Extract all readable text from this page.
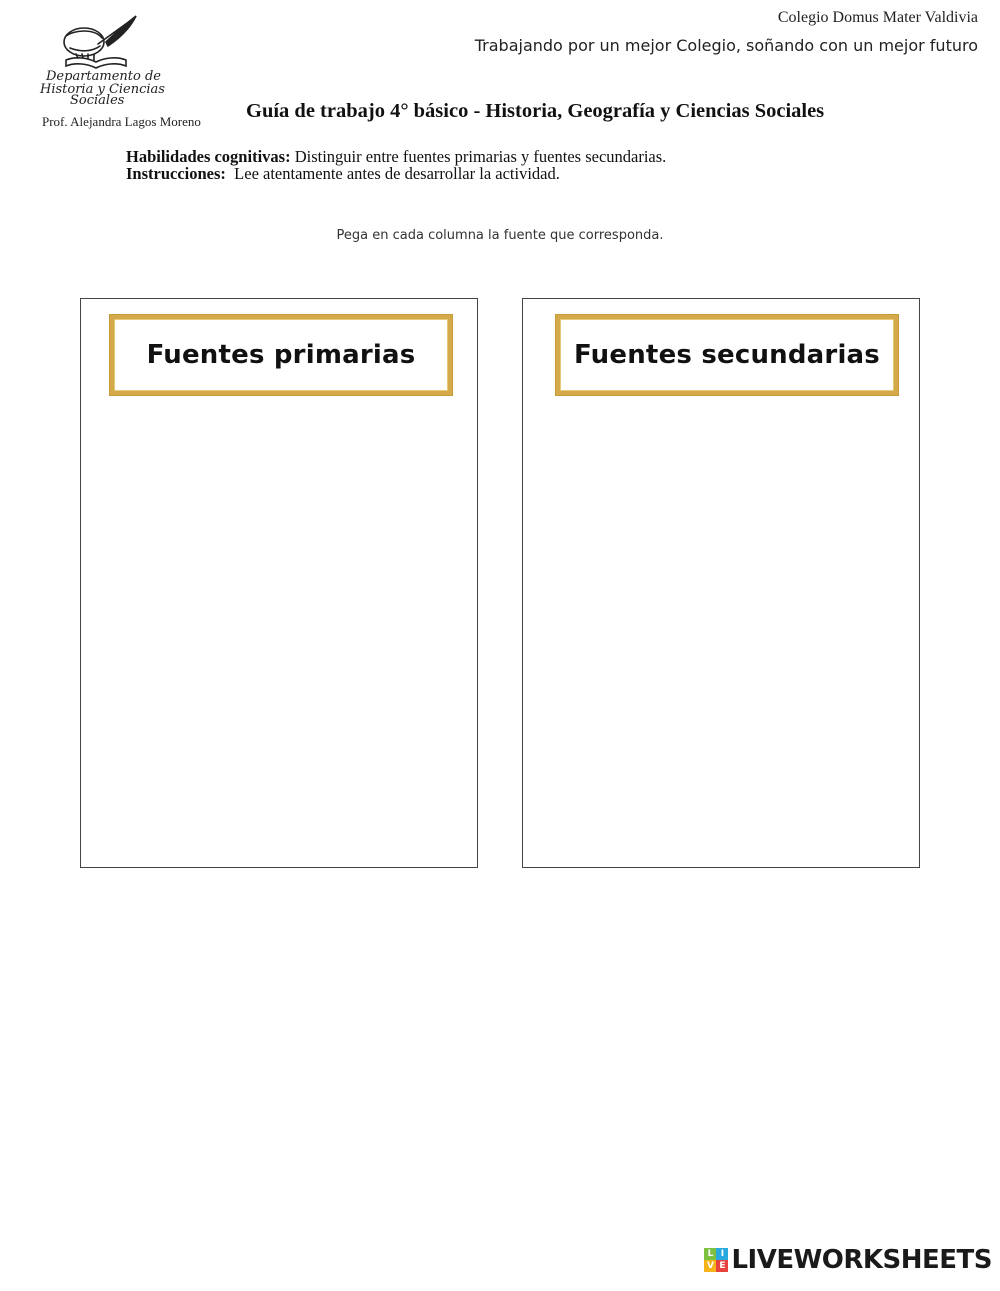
Colegio Domus Mater Valdivia
Trabajando por un mejor Colegio, soñando con un mejor futuro
Departamento de
Historia y Ciencias
Sociales
Prof. Alejandra Lagos Moreno Guía de trabajo 4° básico - Historia, Geografía y Ciencias Sociales
Habilidades cognitivas: Distinguir entre fuentes primarias y fuentes secundarias.
Instrucciones:  Lee atentamente antes de desarrollar la actividad.
Pega en cada columna la fuente que corresponda.
Fuentes primarias	Fuentes secundarias
L I
V E LIVEWORKSHEETS
